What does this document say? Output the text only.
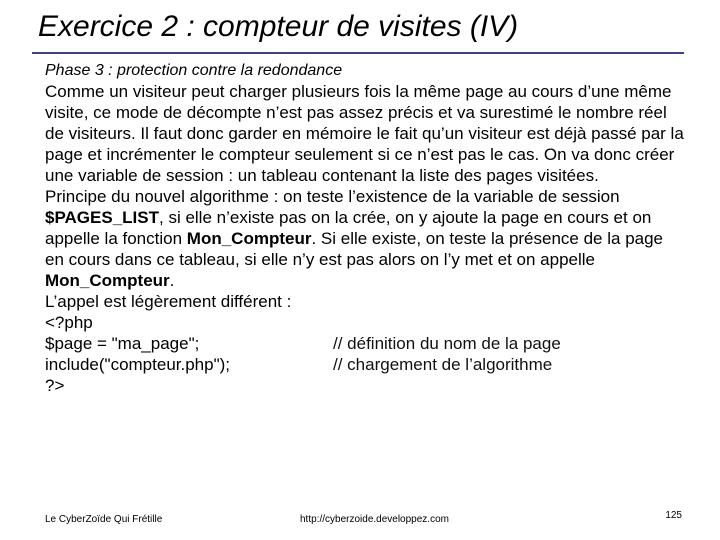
Exercice 2 : compteur de visites (IV)

Phase 3 : protection contre la redondance

Comme un visiteur peut charger plusieurs fois la même page au cours d’une même visite, ce mode de décompte n’est pas assez précis et va surestimé le nombre réel de visiteurs. Il faut donc garder en mémoire le fait qu’un visiteur est déjà passé par la page et incrémenter le compteur seulement si ce n’est pas le cas. On va donc créer une variable de session : un tableau contenant la liste des pages visitées.

Principe du nouvel algorithme : on teste l’existence de la variable de session $PAGES_LIST, si elle n’existe pas on la crée, on y ajoute la page en cours et on appelle la fonction Mon_Compteur. Si elle existe, on teste la présence de la page en cours dans ce tableau, si elle n’y est pas alors on l’y met et on appelle Mon_Compteur.

L’appel est légèrement différent :

<?php
$page = "ma_page";	// définition du nom de la page
include("compteur.php");	// chargement de l’algorithme
?>
Le CyberZoïde Qui Frétille	http://cyberzoide.developpez.com	125
